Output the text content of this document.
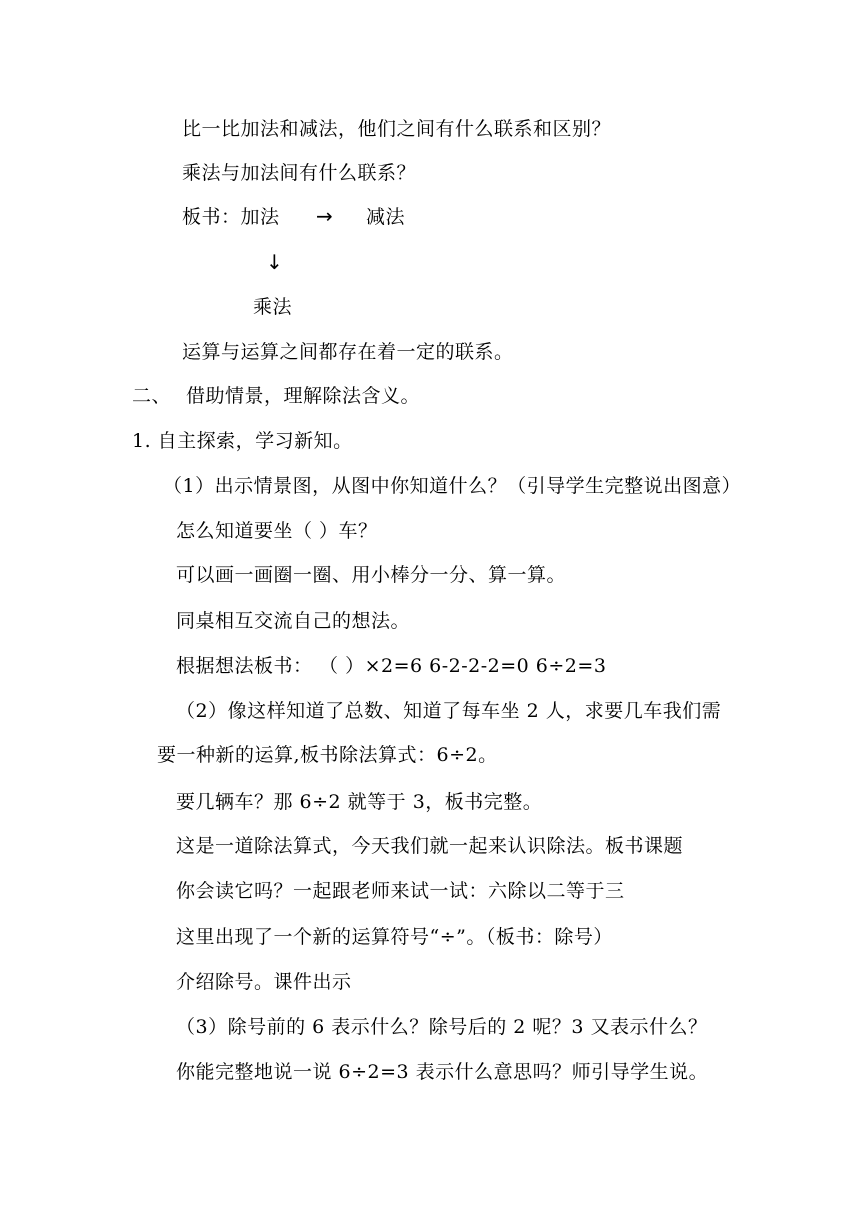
比一比加法和减法，他们之间有什么联系和区别？
乘法与加法间有什么联系？
板书：加法 → 减法
↓
乘法
运算与运算之间都存在着一定的联系。
二、 借助情景，理解除法含义。
1. 自主探索，学习新知。
（1）出示情景图，从图中你知道什么？（引导学生完整说出图意）
怎么知道要坐（ ）车？
可以画一画圈一圈、用小棒分一分、算一算。
同桌相互交流自己的想法。
根据想法板书： （ ）×2=6 6-2-2-2=0 6÷2=3
（2）像这样知道了总数、知道了每车坐 2 人，求要几车我们需
要一种新的运算,板书除法算式：6÷2。
要几辆车？那 6÷2 就等于 3，板书完整。
这是一道除法算式，今天我们就一起来认识除法。板书课题
你会读它吗？一起跟老师来试一试：六除以二等于三
这里出现了一个新的运算符号“÷”。（板书：除号）
介绍除号。课件出示
（3）除号前的 6 表示什么？除号后的 2 呢？3 又表示什么？
你能完整地说一说 6÷2=3 表示什么意思吗？师引导学生说。
